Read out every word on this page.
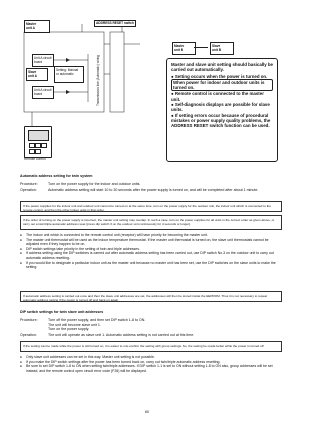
Master
unit A
Unit A circuit
board
Slave
unit A
Unit A circuit
board
Setting: Manual
or automatic
ADDRESS RESET switch
Transmission line (Automatic) wiring
Remote control
Master
unit B
Slave
unit B

Master and slave unit setting should basically be carried out automatically.

● Setting occurs when the power is turned on.

When power for indoor and outdoor units is turned on.

● Remote control is connected to the master unit.

● Self-diagnosis displays are possible for slave units.

● If setting errors occur because of procedural mistakes or power supply quality problems, the ADDRESS RESET switch function can be used.

Automatic address setting for twin system
Procedure:	Turn on the power supply for the indoor and outdoor units.
Operation:	Automatic address setting will start 10 to 30 seconds after the power supply is turned on, and will be completed after about 1 minute.
If the power supplies for the indoor unit and outdoor unit cannot be turned on at the same time, turn on the power supply for the outdoor unit, the indoor unit which is connected to the remote control, and then the other indoor units in that order.
If the order of turning on the power supply is incorrect, the master unit setting may overlap. In such a case, turn on the power supplies for all units in the correct order as given above, or carry out a twin/triple automatic address reset (press dip switch 3 on the outdoor unit continuously for 4 seconds or longer).
● The indoor unit which is connected to the remote control unit (receptor) will have priority for becoming the master unit.
● The master unit thermostat will be used as the indoor temperature thermostat. If the master unit thermostat is turned on, the slave unit thermostats cannot be adjusted even if they happen to be on.
● DIP switch settings take priority in the setting of twin and triple addresses.
● If address setting using the DIP switches is carried out after automatic address setting has been carried out, use DIP switch No.3 on the outdoor unit to carry out automatic address resetting.
● If you would like to designate a particular indoor unit as the master unit because no master unit has been set, use the DIP switches on the slave units to make the setting.
If automatic address setting is carried out once and then the slave unit addresses are set, the addresses will then be stored inside the EEPROM. Thus it is not necessary to repeat automatic address setting if the power is turned off and back on again.
DIP switch settings for twin slave unit addresses
Procedure:	Turn off the power supply, and then set DIP switch 1-8 to ON.
The unit will become slave unit 1.
Turn on the power supply.
Operation:	The unit will operate as slave unit 1. Automatic address setting is not carried out at this time.
If the setting can be made while the power is still turned on, it is easier to mis-confirm the setting with group settings. So, the setting be made better while the power is turned off.
● Only slave unit addresses can be set in this way. Master unit setting is not possible.
● If you make the DIP switch settings after the power has been turned back on, carry out twin/triple automatic address resetting.
● Be sure to set DIP switch 1-8 to ON when setting twin/triple addresses. If DIP switch 1-1 is set to ON without setting 1-8 to ON also, group addresses will be set instead, and the remote control open circuit error code (F26) will be displayed.
60
